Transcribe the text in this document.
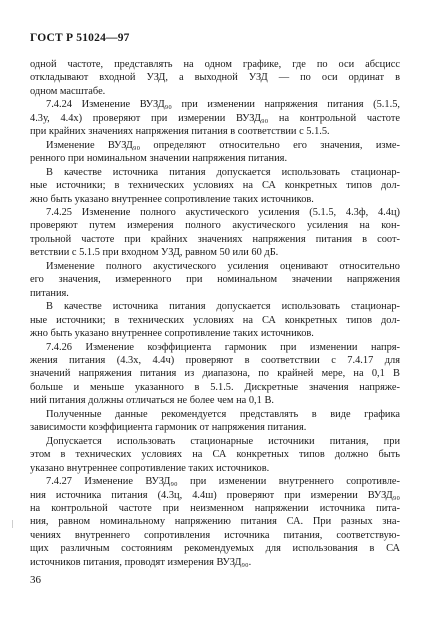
ГОСТ Р 51024—97

одной частоте, представлять на одном графике, где по оси абсцисс
откладывают входной УЗД, а выходной УЗД — по оси ординат в
одном масштабе.

7.4.24 Изменение ВУЗД₉₀ при изменении напряжения питания (5.1.5,
4.3у, 4.4х) проверяют при измерении ВУЗД₉₀ на контрольной частоте
при крайних значениях напряжения питания в соответствии с 5.1.5.

Изменение ВУЗД₉₀ определяют относительно его значения, изме-
ренного при номинальном значении напряжения питания.

В качестве источника питания допускается использовать стационар-
ные источники; в технических условиях на СА конкретных типов дол-
жно быть указано внутреннее сопротивление таких источников.

7.4.25 Изменение полного акустического усиления (5.1.5, 4.3ф, 4.4ц)
проверяют путем измерения полного акустического усиления на кон-
трольной частоте при крайних значениях напряжения питания в соот-
ветствии с 5.1.5 при входном УЗД, равном 50 или 60 дБ.

Изменение полного акустического усиления оценивают относительно
его значения, измеренного при номинальном значении напряжения
питания.

В качестве источника питания допускается использовать стационар-
ные источники; в технических условиях на СА конкретных типов дол-
жно быть указано внутреннее сопротивление таких источников.

7.4.26 Изменение коэффициента гармоник при изменении напря-
жения питания (4.3х, 4.4ч) проверяют в соответствии с 7.4.17 для
значений напряжения питания из диапазона, по крайней мере, на 0,1 В
больше и меньше указанного в 5.1.5. Дискретные значения напряже-
ний питания должны отличаться не более чем на 0,1 В.

Полученные данные рекомендуется представлять в виде графика
зависимости коэффициента гармоник от напряжения питания.

Допускается использовать стационарные источники питания, при
этом в технических условиях на СА конкретных типов должно быть
указано внутреннее сопротивление таких источников.

7.4.27 Изменение ВУЗД₉₀ при изменении внутреннего сопротивле-
ния источника питания (4.3ц, 4.4ш) проверяют при измерении ВУЗД₉₀
на контрольной частоте при неизменном напряжении источника пита-
ния, равном номинальному напряжению питания СА. При разных зна-
чениях внутреннего сопротивления источника питания, соответствую-
щих различным состояниям рекомендуемых для использования в СА
источников питания, проводят измерения ВУЗД₉₀.

|
36
